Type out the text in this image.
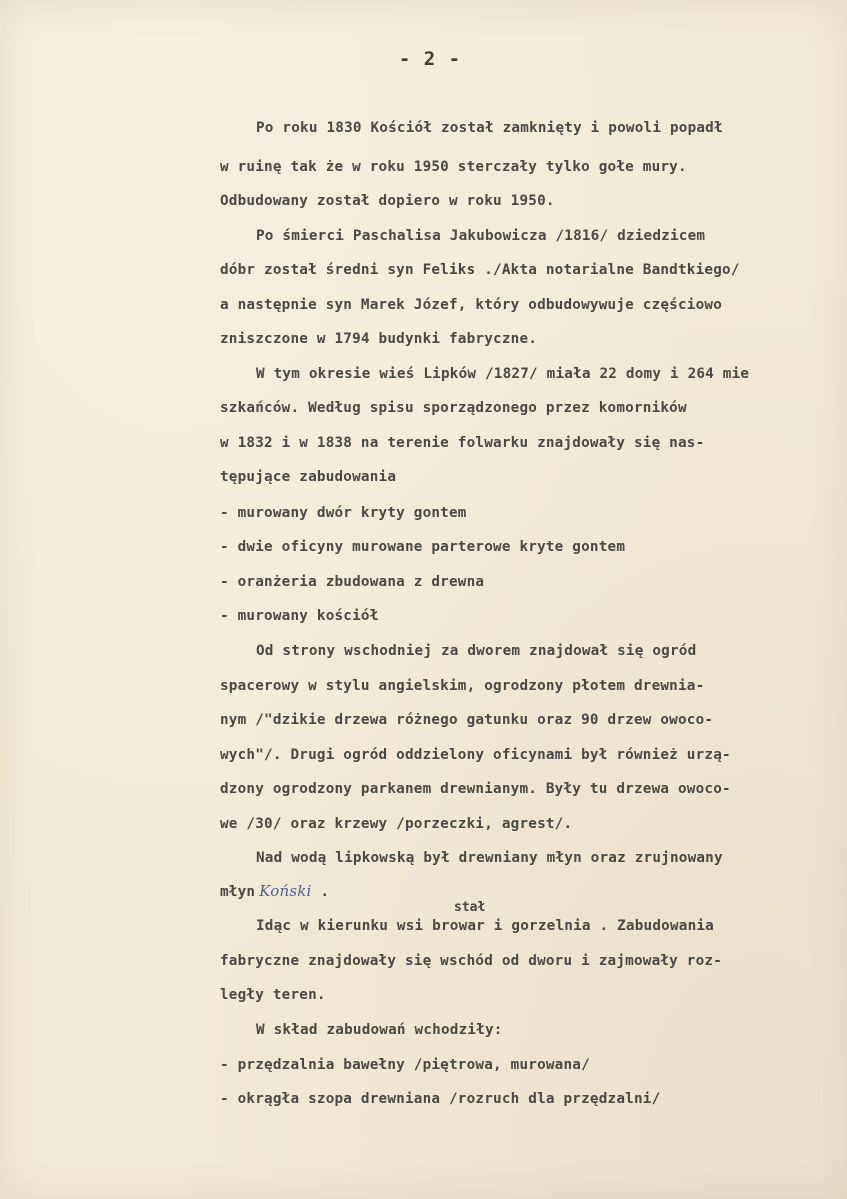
- 2 -
Po roku 1830 Kościół został zamknięty i powoli popadł
w ruinę tak że w roku 1950 sterczały tylko gołe mury.
Odbudowany został dopiero w roku 1950.
Po śmierci Paschalisa Jakubowicza /1816/ dziedzicem
dóbr został średni syn Feliks ./Akta notarialne Bandtkiego/
a następnie syn Marek Józef, który odbudowywuje częściowo
zniszczone w 1794 budynki fabryczne.
W tym okresie wieś Lipków /1827/ miała 22 domy i 264 mie
szkańców. Według spisu sporządzonego przez komorników
w 1832 i w 1838 na terenie folwarku znajdowały się nas-
tępujące zabudowania
- murowany dwór kryty gontem
- dwie oficyny murowane parterowe kryte gontem
- oranżeria zbudowana z drewna
- murowany kościół
Od strony wschodniej za dworem znajdował się ogród
spacerowy w stylu angielskim, ogrodzony płotem drewnia-
nym /"dzikie drzewa różnego gatunku oraz 90 drzew owoco-
wych"/. Drugi ogród oddzielony oficynami był również urzą-
dzony ogrodzony parkanem drewnianym. Były tu drzewa owoco-
we /30/ oraz krzewy /porzeczki, agrest/.
Nad wodą lipkowską był drewniany młyn oraz zrujnowany
młyn Końskі .
stał
Idąc w kierunku wsi browar i gorzelnia . Zabudowania
fabryczne znajdowały się wschód od dworu i zajmowały roz-
legły teren.
W skład zabudowań wchodziły:
- przędzalnia bawełny /piętrowa, murowana/
- okrągła szopa drewniana /rozruch dla przędzalni/
